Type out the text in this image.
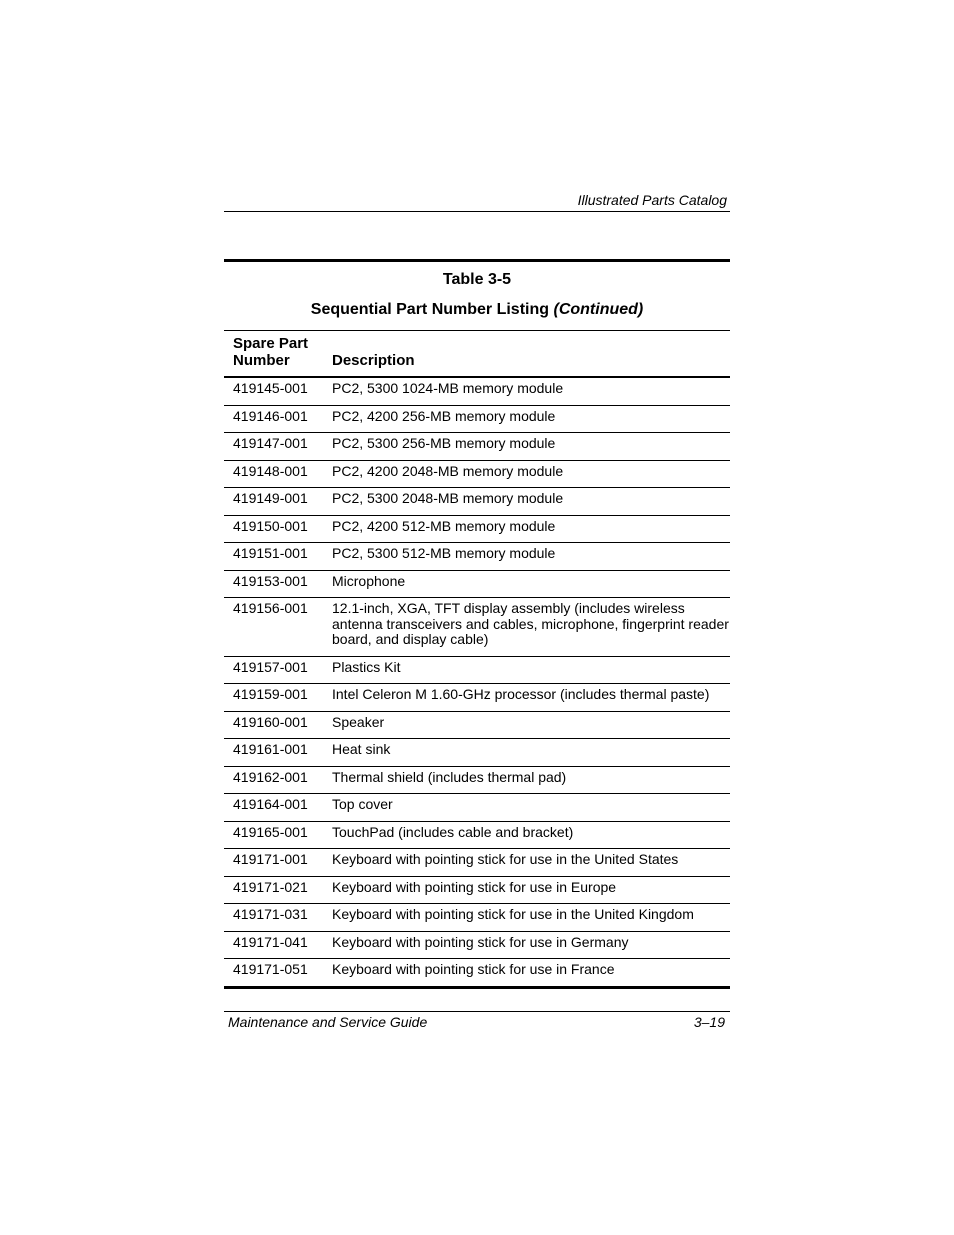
Illustrated Parts Catalog
Table 3-5
Sequential Part Number Listing (Continued)
Spare Part
Number	Description
419145-001	PC2, 5300 1024-MB memory module
419146-001	PC2, 4200 256-MB memory module
419147-001	PC2, 5300 256-MB memory module
419148-001	PC2, 4200 2048-MB memory module
419149-001	PC2, 5300 2048-MB memory module
419150-001	PC2, 4200 512-MB memory module
419151-001	PC2, 5300 512-MB memory module
419153-001	Microphone
419156-001	12.1-inch, XGA, TFT display assembly (includes wireless antenna transceivers and cables, microphone, fingerprint reader board, and display cable)
419157-001	Plastics Kit
419159-001	Intel Celeron M 1.60-GHz processor (includes thermal paste)
419160-001	Speaker
419161-001	Heat sink
419162-001	Thermal shield (includes thermal pad)
419164-001	Top cover
419165-001	TouchPad (includes cable and bracket)
419171-001	Keyboard with pointing stick for use in the United States
419171-021	Keyboard with pointing stick for use in Europe
419171-031	Keyboard with pointing stick for use in the United Kingdom
419171-041	Keyboard with pointing stick for use in Germany
419171-051	Keyboard with pointing stick for use in France
Maintenance and Service Guide	3–19
